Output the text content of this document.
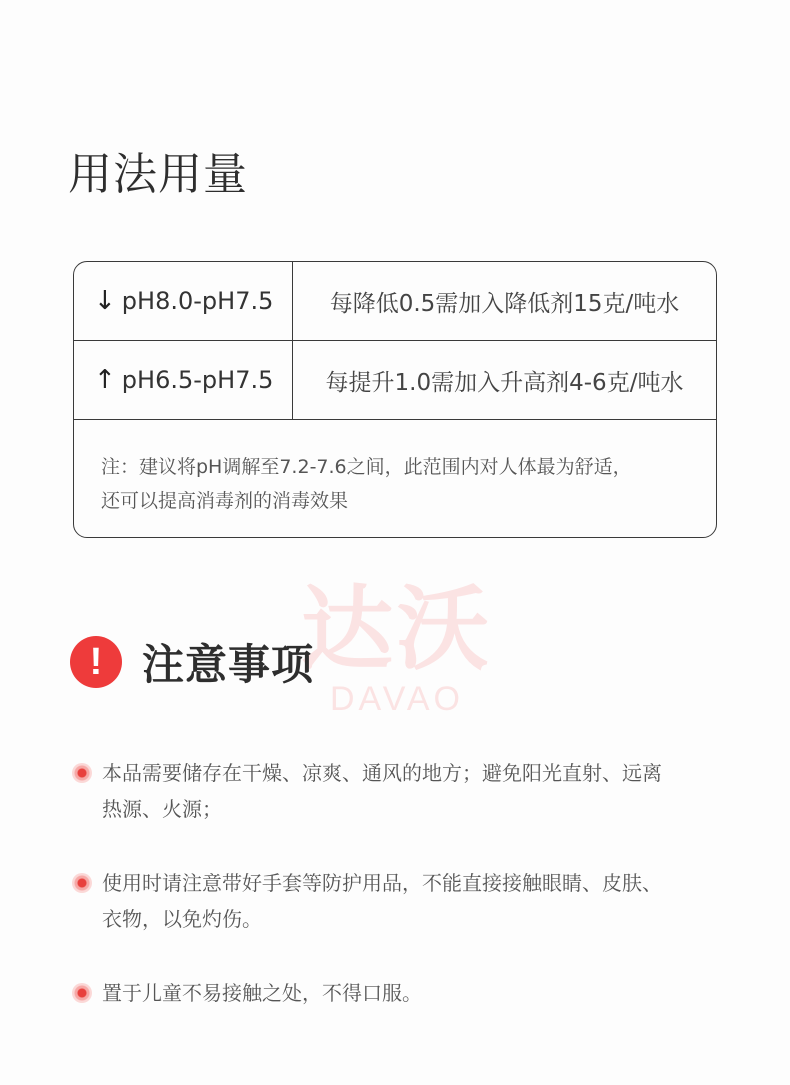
用法用量
↓ pH8.0-pH7.5	每降低0.5需加入降低剂15克/吨水
↑ pH6.5-pH7.5	每提升1.0需加入升高剂4-6克/吨水
注：建议将pH调解至7.2-7.6之间，此范围内对人体最为舒适，
还可以提高消毒剂的消毒效果
达沃
DAVAO
! 注意事项
本品需要储存在干燥、凉爽、通风的地方；避免阳光直射、远离
热源、火源；
使用时请注意带好手套等防护用品，不能直接接触眼睛、皮肤、
衣物，以免灼伤。
置于儿童不易接触之处，不得口服。
